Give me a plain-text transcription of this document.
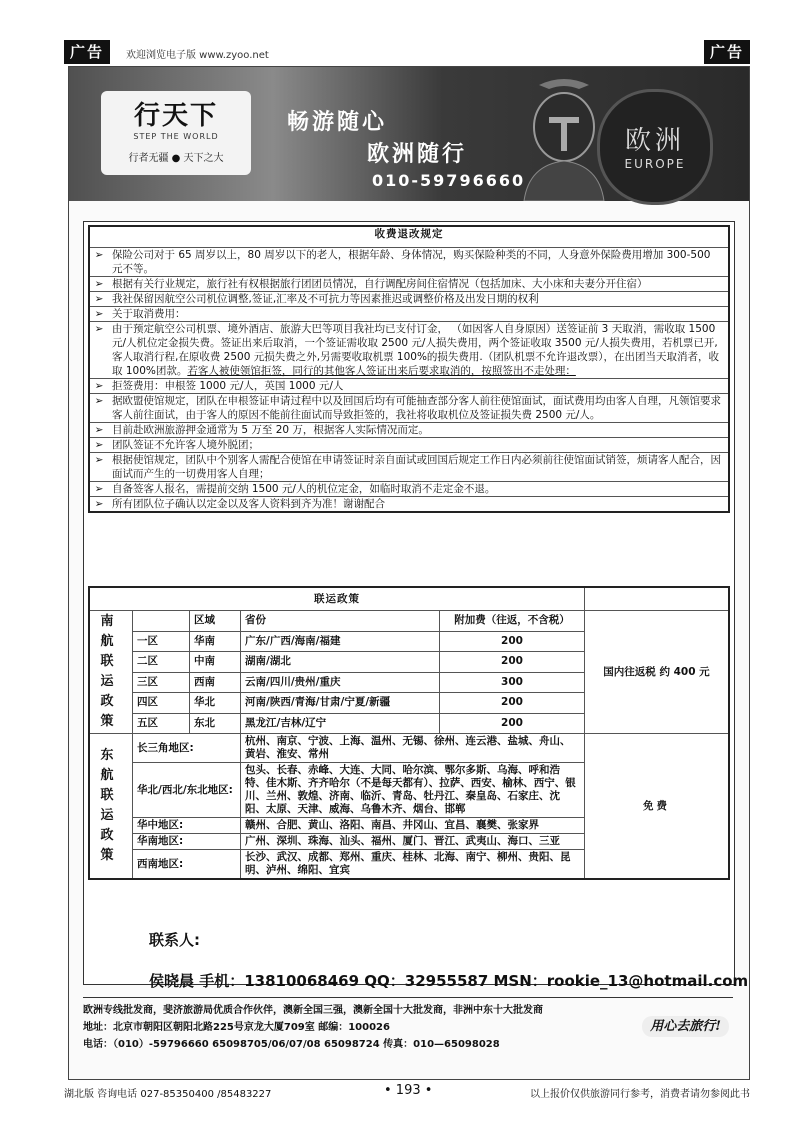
广告	欢迎浏览电子版 www.zyoo.net	广告
行天下
STEP THE WORLD
行者无疆 ● 天下之大
畅游随心
欧洲随行
010-59796660
欧洲
EUROPE
收费退改规定	
➢	保险公司对于 65 周岁以上，80 周岁以下的老人，根据年龄、身体情况，购买保险种类的不同，人身意外保险费用增加 300-500 元不等。
➢	根据有关行业规定，旅行社有权根据旅行团团员情况，自行调配房间住宿情况（包括加床、大小床和夫妻分开住宿）
➢	我社保留因航空公司机位调整,签证,汇率及不可抗力等因素推迟或调整价格及出发日期的权利
➢	关于取消费用：
➢	由于预定航空公司机票、境外酒店、旅游大巴等项目我社均已支付订金， （如因客人自身原因）送签证前 3 天取消，需收取 1500 元/人机位定金损失费。签证出来后取消，一个签证需收取 2500 元/人损失费用，两个签证收取 3500 元/人损失费用，若机票已开,客人取消行程,在原收费 2500 元损失费之外,另需要收取机票 100%的损失费用.（团队机票不允许退改票），在出团当天取消者，收取 100%团款。若客人被使领馆拒签，同行的其他客人签证出来后要求取消的，按照签出不走处理：
➢	拒签费用：申根签 1000 元/人，英国 1000 元/人
➢	据欧盟使馆规定，团队在申根签证申请过程中以及回国后均有可能抽查部分客人前往使馆面试，面试费用均由客人自理，凡领馆要求客人前往面试，由于客人的原因不能前往面试而导致拒签的，我社将收取机位及签证损失费 2500 元/人。
➢	目前赴欧洲旅游押金通常为 5 万至 20 万，根据客人实际情况而定。
➢	团队签证不允许客人境外脱团；
➢	根据使馆规定，团队中个别客人需配合使馆在申请签证时亲自面试或回国后规定工作日内必须前往使馆面试销签，烦请客人配合，因面试而产生的一切费用客人自理；
➢	自备签客人报名，需提前交纳 1500 元/人的机位定金，如临时取消不走定金不退。
➢	所有团队位子确认以定金以及客人资料到齐为准！谢谢配合
联运政策					
南航联运政策		区域	省份	附加费（往返，不含税）	国内往返税 约 400 元
	一区	华南	广东/广西/海南/福建	200	
	二区	中南	湖南/湖北	200	
	三区	西南	云南/四川/贵州/重庆	300	
	四区	华北	河南/陕西/青海/甘肃/宁夏/新疆	200	
	五区	东北	黑龙江/吉林/辽宁	200	
东航联运政策	长三角地区:		杭州、南京、宁波、上海、温州、无锡、徐州、连云港、盐城、舟山、黄岩、淮安、常州		免费
	华北/西北/东北地区:		包头、长春、赤峰、大连、大同、哈尔滨、鄂尔多斯、乌海、呼和浩特、佳木斯、齐齐哈尔（不是每天都有）、拉萨、西安、榆林、西宁、银川、兰州、敦煌、济南、临沂、青岛、牡丹江、秦皇岛、石家庄、沈阳、太原、天津、威海、乌鲁木齐、烟台、邯郸		
	华中地区:		赣州、合肥、黄山、洛阳、南昌、井冈山、宜昌、襄樊、张家界		
	华南地区:		广州、深圳、珠海、汕头、福州、厦门、晋江、武夷山、海口、三亚		
	西南地区:		长沙、武汉、成都、郑州、重庆、桂林、北海、南宁、柳州、贵阳、昆明、泸州、绵阳、宜宾		
联系人:

侯晓晨 手机：13810068469 QQ：32955587 MSN：rookie_13@hotmail.com

欧洲专线批发商，斐济旅游局优质合作伙伴，澳新全国三强，澳新全国十大批发商，非洲中东十大批发商
地址：北京市朝阳区朝阳北路225号京龙大厦709室 邮编：100026
电话：（010）-59796660 65098705/06/07/08 65098724 传真：010—65098028
用心去旅行!
湖北版 咨询电话 027-85350400 /85483227	• 193 •	以上报价仅供旅游同行参考，消费者请勿参阅此书
